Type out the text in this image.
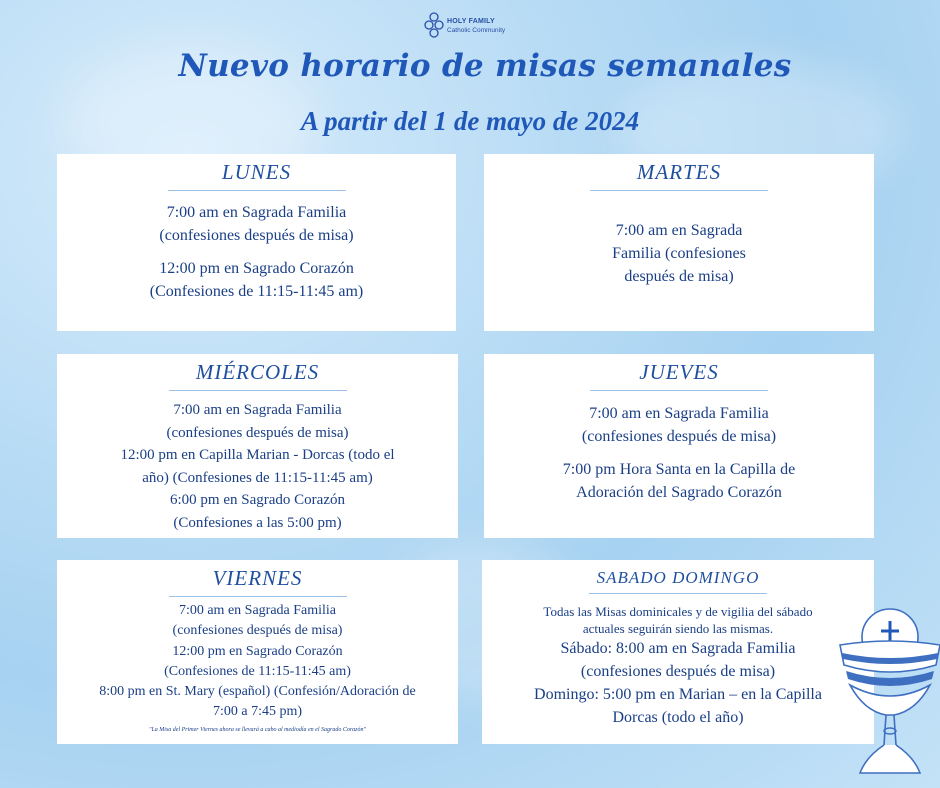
HOLY FAMILY
Catholic Community
Nuevo horario de misas semanales
A partir del 1 de mayo de 2024
LUNES
7:00 am en Sagrada Familia
(confesiones después de misa)
12:00 pm en Sagrado Corazón
(Confesiones de 11:15-11:45 am)
MARTES
7:00 am en Sagrada
Familia (confesiones
después de misa)
MIÉRCOLES
7:00 am en Sagrada Familia
(confesiones después de misa)
12:00 pm en Capilla Marian - Dorcas (todo el
año) (Confesiones de 11:15-11:45 am)
6:00 pm en Sagrado Corazón
(Confesiones a las 5:00 pm)
JUEVES
7:00 am en Sagrada Familia
(confesiones después de misa)
7:00 pm Hora Santa en la Capilla de
Adoración del Sagrado Corazón
VIERNES
7:00 am en Sagrada Familia
(confesiones después de misa)
12:00 pm en Sagrado Corazón
(Confesiones de 11:15-11:45 am)
8:00 pm en St. Mary (español) (Confesión/Adoración de
7:00 a 7:45 pm)
"La Misa del Primer Viernes ahora se llevará a cabo al mediodía en el Sagrado Corazón"
SABADO DOMINGO
Todas las Misas dominicales y de vigilia del sábado
actuales seguirán siendo las mismas.
Sábado: 8:00 am en Sagrada Familia
(confesiones después de misa)
Domingo: 5:00 pm en Marian – en la Capilla
Dorcas (todo el año)
